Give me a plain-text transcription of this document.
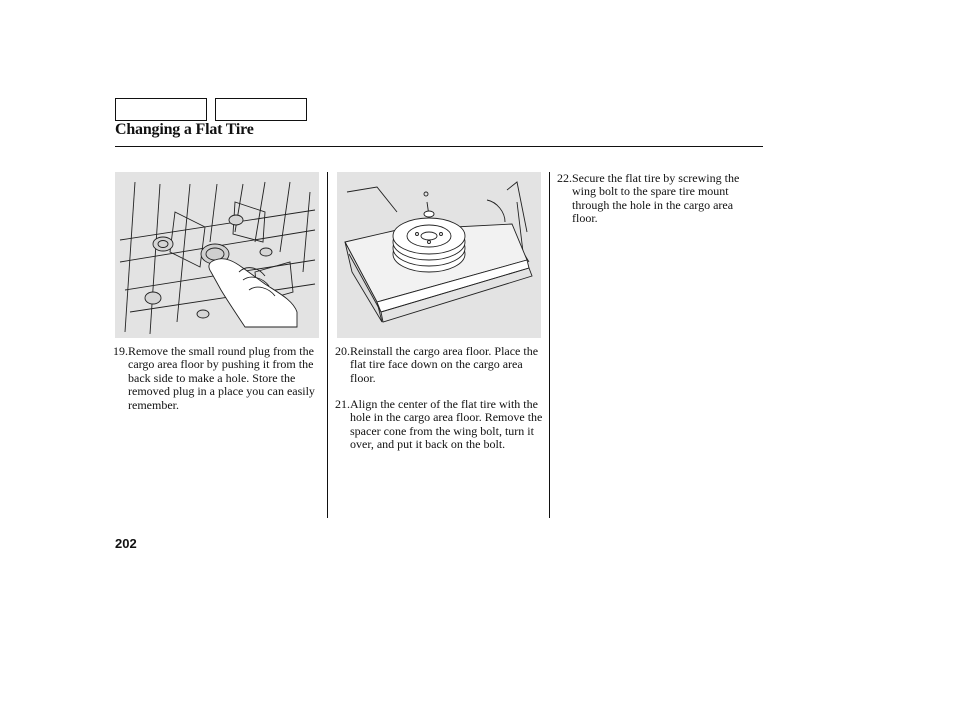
Changing a Flat Tire
19. Remove the small round plug from the cargo area floor by pushing it from the back side to make a hole. Store the removed plug in a place you can easily remember.
20. Reinstall the cargo area floor. Place the flat tire face down on the cargo area floor.
21. Align the center of the flat tire with the hole in the cargo area floor. Remove the spacer cone from the wing bolt, turn it over, and put it back on the bolt.
22. Secure the flat tire by screwing the wing bolt to the spare tire mount through the hole in the cargo area floor.
202
